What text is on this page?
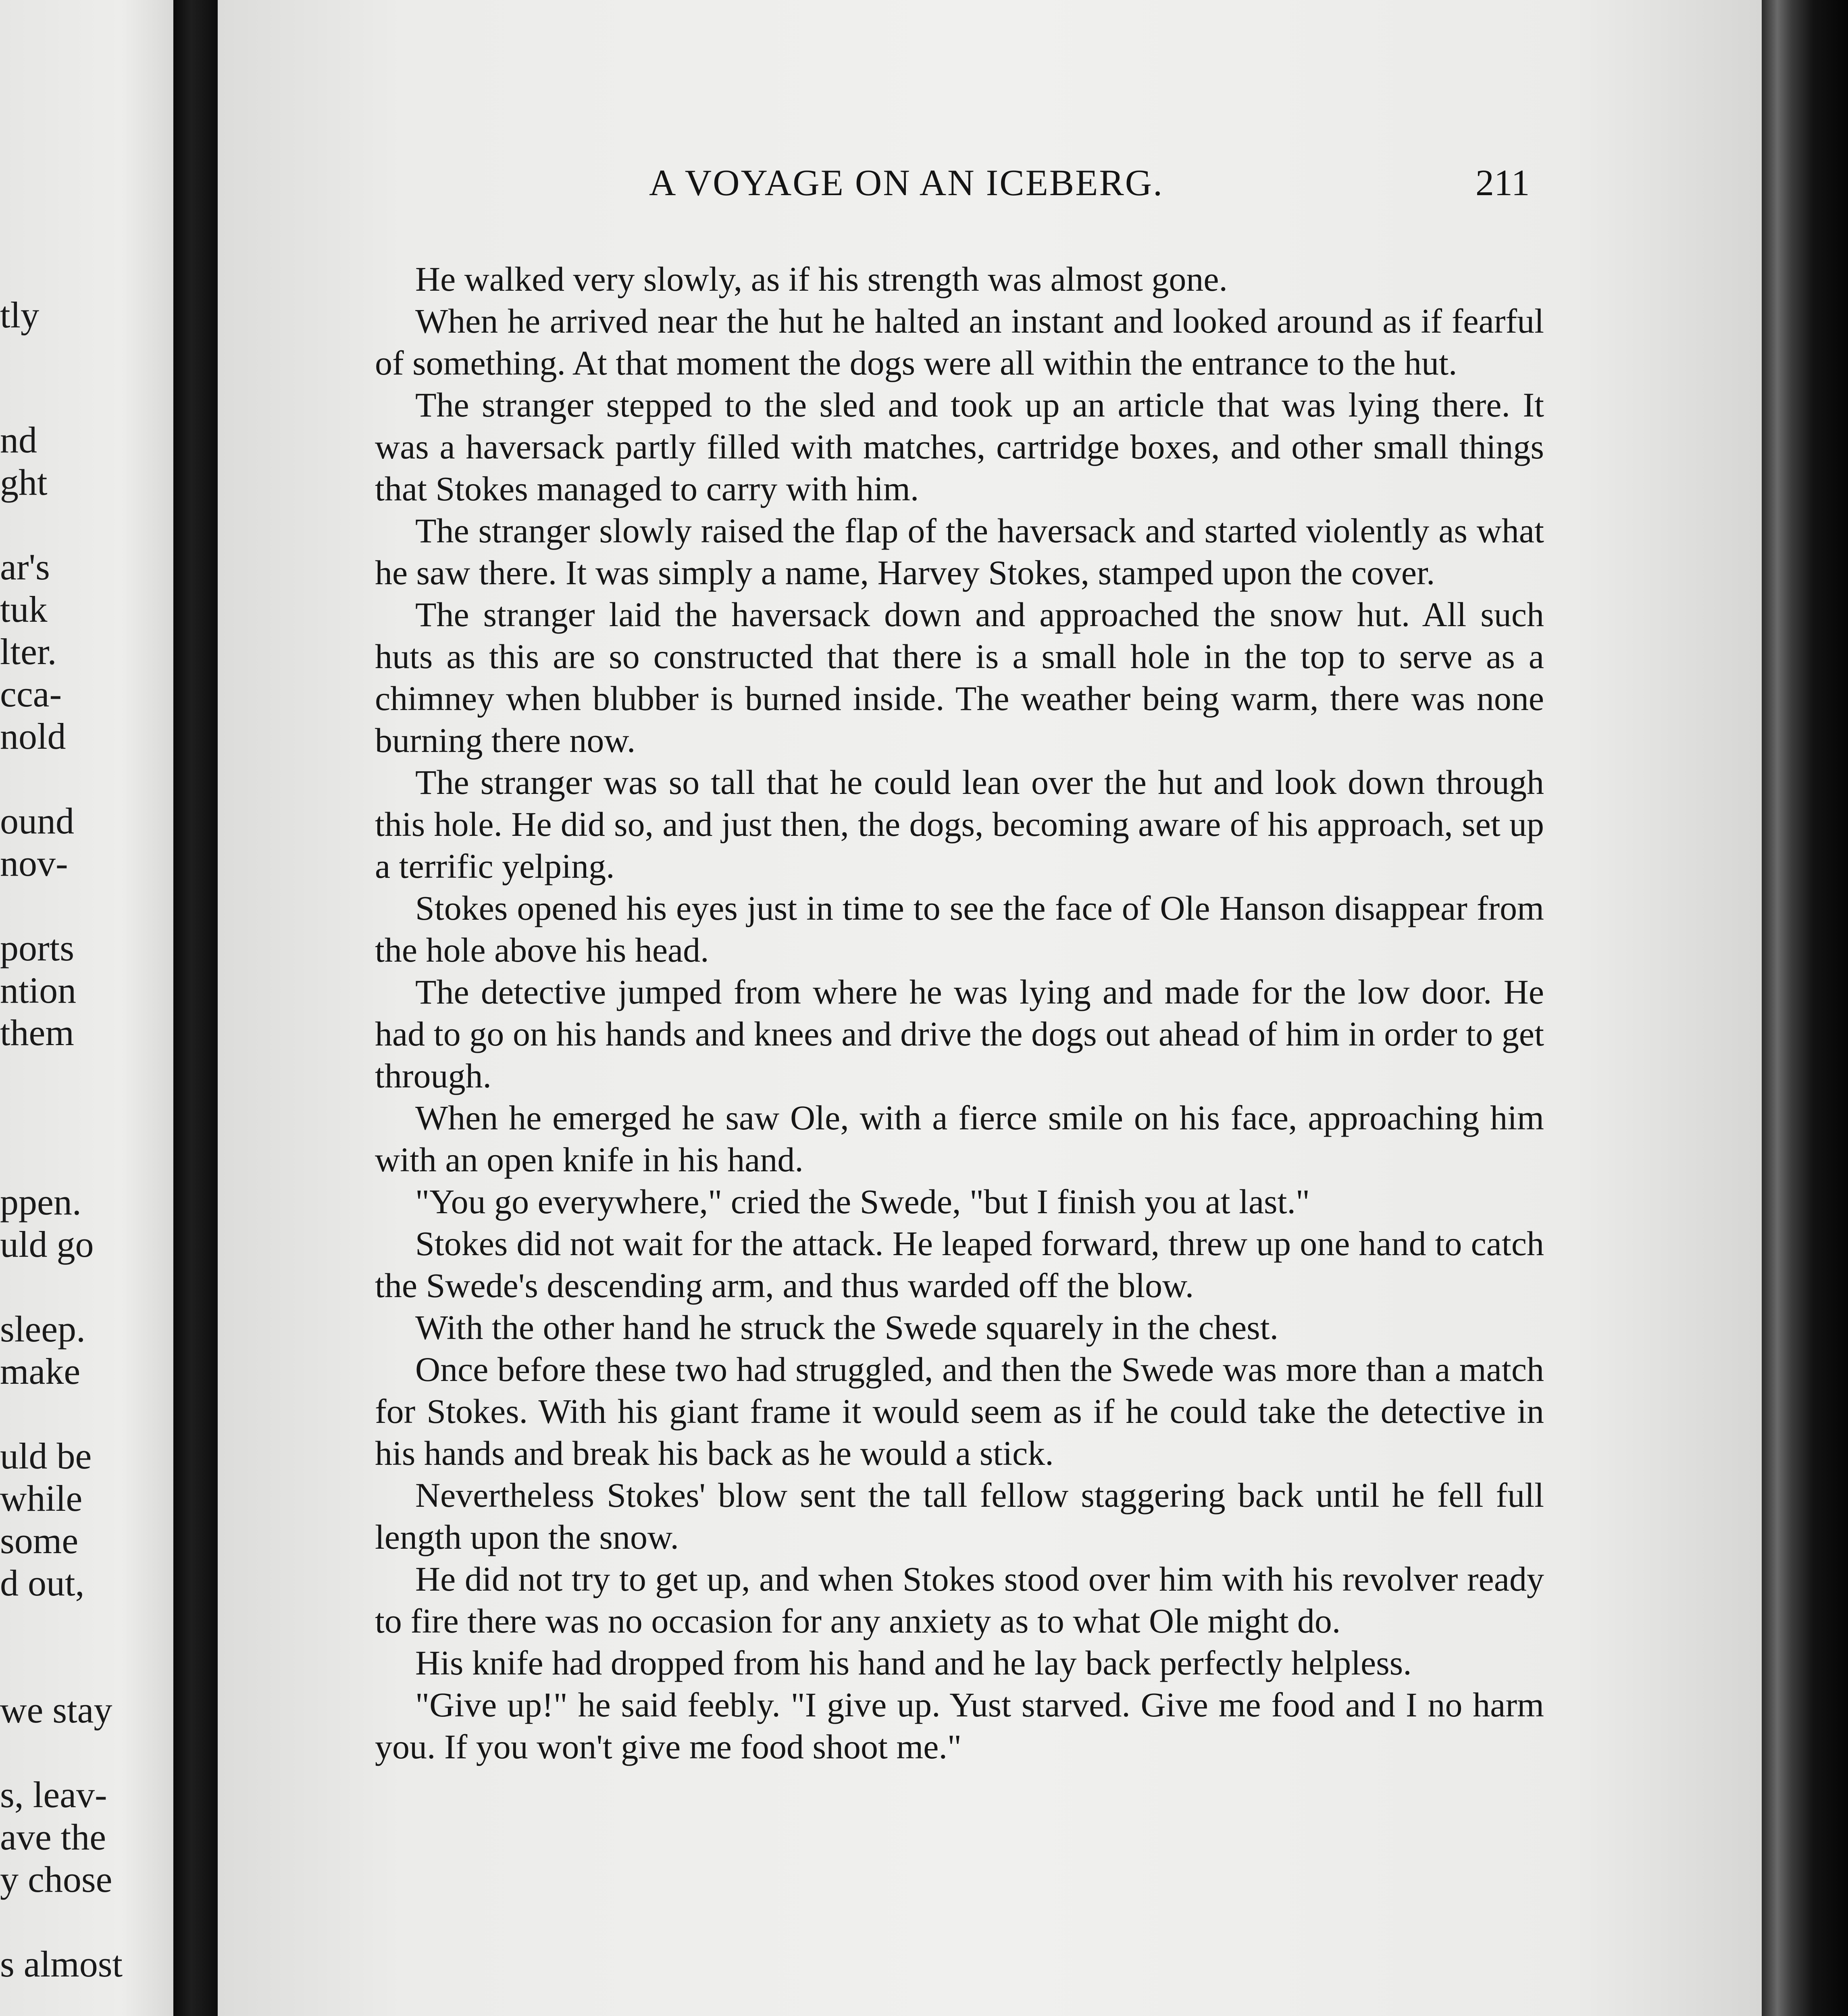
tly
nd
ght
ar's
tuk
lter.
cca-
nold
ound
nov-
ports
ntion
them
ppen.
uld go
sleep.
make
uld be
while
some
d out,
we stay
s, leav-
ave the
y chose
s almost
A VOYAGE ON AN ICEBERG.	211

He walked very slowly, as if his strength was almost gone.

When he arrived near the hut he halted an instant and looked around as if fearful of something. At that moment the dogs were all within the entrance to the hut.

The stranger stepped to the sled and took up an article that was lying there. It was a haversack partly filled with matches, cartridge boxes, and other small things that Stokes managed to carry with him.

The stranger slowly raised the flap of the haversack and started violently as what he saw there. It was simply a name, Harvey Stokes, stamped upon the cover.

The stranger laid the haversack down and approached the snow hut. All such huts as this are so constructed that there is a small hole in the top to serve as a chimney when blubber is burned inside. The weather being warm, there was none burning there now.

The stranger was so tall that he could lean over the hut and look down through this hole. He did so, and just then, the dogs, becoming aware of his approach, set up a terrific yelping.

Stokes opened his eyes just in time to see the face of Ole Hanson disappear from the hole above his head.

The detective jumped from where he was lying and made for the low door. He had to go on his hands and knees and drive the dogs out ahead of him in order to get through.

When he emerged he saw Ole, with a fierce smile on his face, approaching him with an open knife in his hand.

"You go everywhere," cried the Swede, "but I finish you at last."

Stokes did not wait for the attack. He leaped forward, threw up one hand to catch the Swede's descending arm, and thus warded off the blow.

With the other hand he struck the Swede squarely in the chest.

Once before these two had struggled, and then the Swede was more than a match for Stokes. With his giant frame it would seem as if he could take the detective in his hands and break his back as he would a stick.

Nevertheless Stokes' blow sent the tall fellow staggering back until he fell full length upon the snow.

He did not try to get up, and when Stokes stood over him with his revolver ready to fire there was no occasion for any anxiety as to what Ole might do.

His knife had dropped from his hand and he lay back perfectly helpless.

"Give up!" he said feebly. "I give up. Yust starved. Give me food and I no harm you. If you won't give me food shoot me."
